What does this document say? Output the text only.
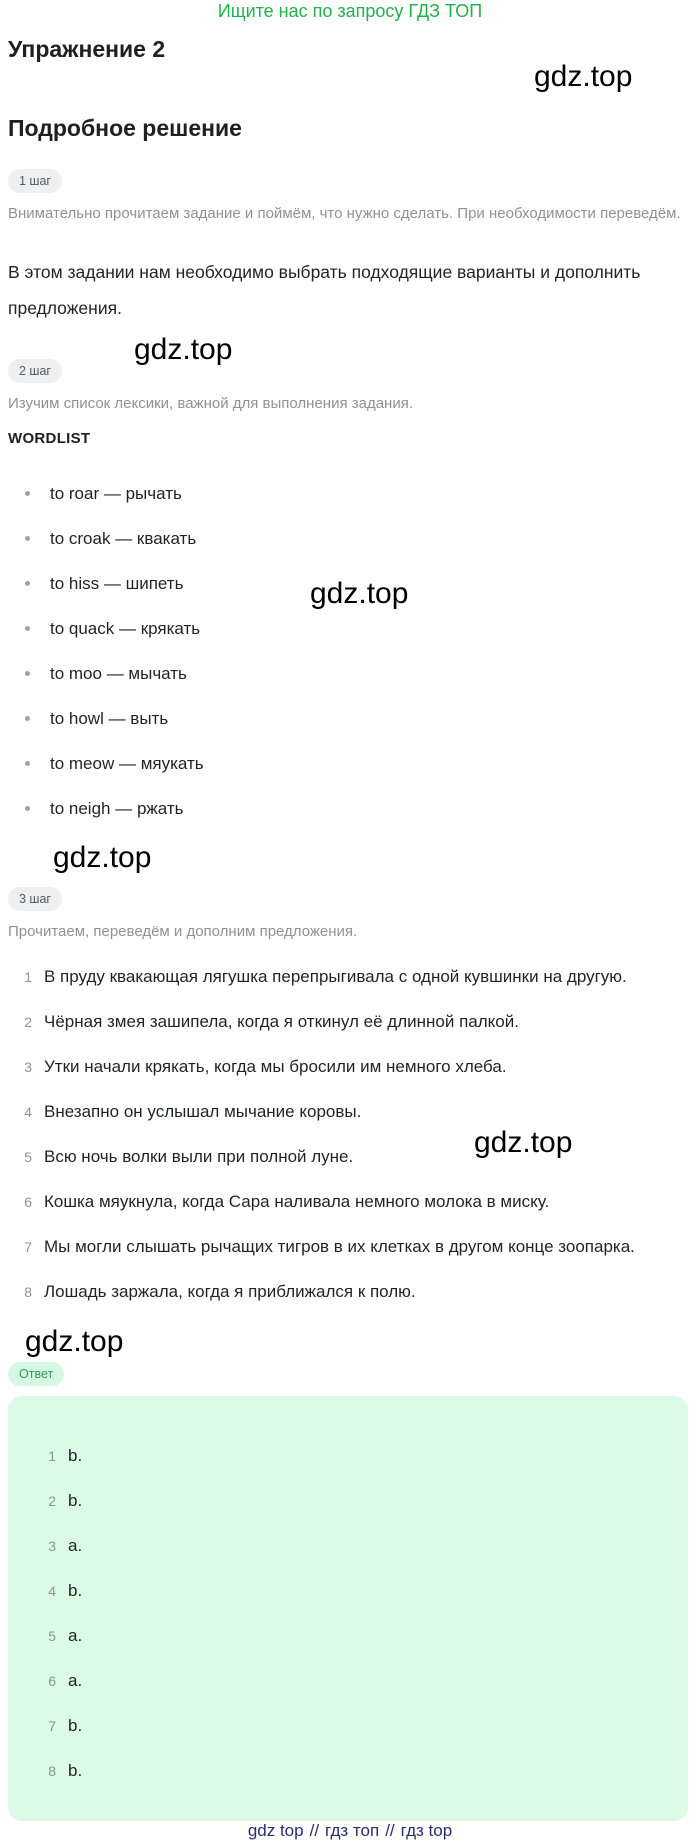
Ищите нас по запросу ГДЗ ТОП
Упражнение 2
Подробное решение
gdz.top
gdz.top
gdz.top
gdz.top
gdz.top
gdz.top
1 шаг
Внимательно прочитаем задание и поймём, что нужно сделать. При необходимости переведём.
В этом задании нам необходимо выбрать подходящие варианты и дополнить предложения.
2 шаг
Изучим список лексики, важной для выполнения задания.
WORDLIST
to roar — рычать
to croak — квакать
to hiss — шипеть
to quack — крякать
to moo — мычать
to howl — выть
to meow — мяукать
to neigh — ржать
3 шаг
Прочитаем, переведём и дополним предложения.
1 В пруду квакающая лягушка перепрыгивала с одной кувшинки на другую.
2 Чёрная змея зашипела, когда я откинул её длинной палкой.
3 Утки начали крякать, когда мы бросили им немного хлеба.
4 Внезапно он услышал мычание коровы.
5 Всю ночь волки выли при полной луне.
6 Кошка мяукнула, когда Сара наливала немного молока в миску.
7 Мы могли слышать рычащих тигров в их клетках в другом конце зоопарка.
8 Лошадь заржала, когда я приближался к полю.
Ответ
1 b.
2 b.
3 a.
4 b.
5 a.
6 a.
7 b.
8 b.
gdz top // гдз топ // гдз top
